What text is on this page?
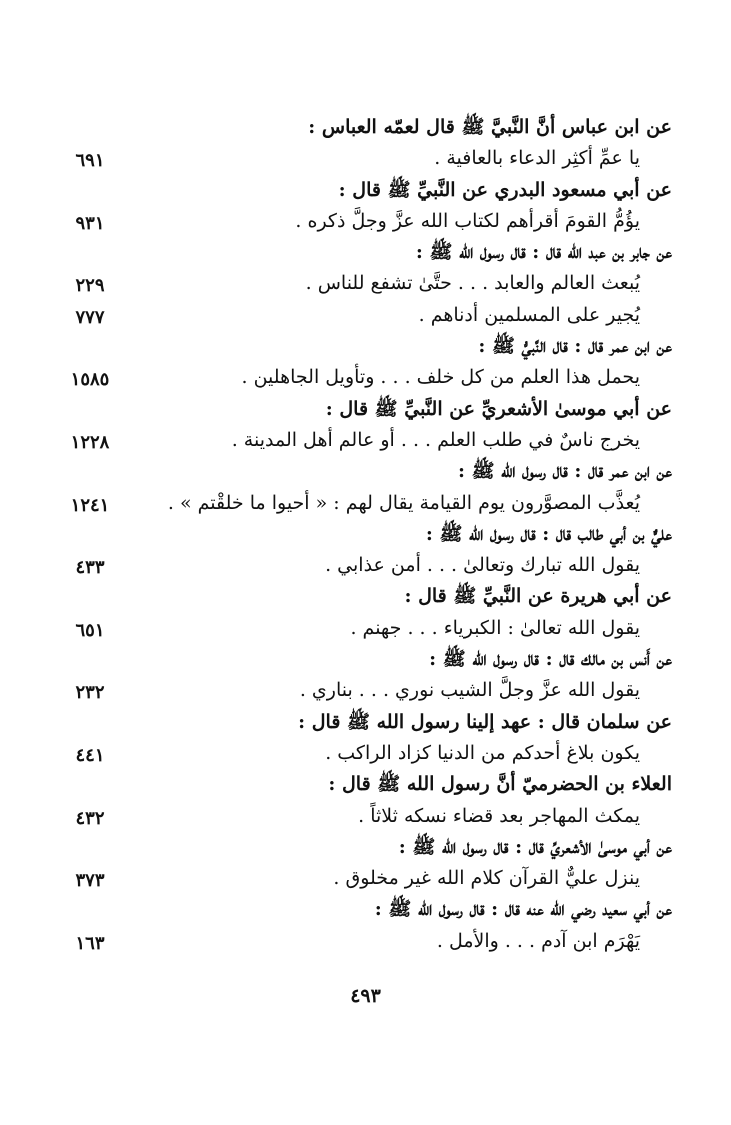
عن ابن عباس أنَّ النَّبيَّ ﷺ قال لعمّه العباس :
يا عمِّ أكثِر الدعاء بالعافية .
٦٩١
عن أبي مسعود البدري عن النَّبيِّ ﷺ قال :
يؤُمُّ القومَ أقرأهم لكتاب الله عزَّ وجلَّ ذكره .
٩٣١
عن جابر بن عبد الله قال : قال رسول الله ﷺ :
يُبعث العالم والعابد . . . حتَّىٰ تشفع للناس .
٢٢٩
يُجير على المسلمين أدناهم .
٧٧٧
عن ابن عمر قال : قال النَّبيُّ ﷺ :
يحمل هذا العلم من كل خلف . . . وتأويل الجاهلين .
١٥٨٥
عن أبي موسىٰ الأشعريِّ عن النَّبيِّ ﷺ قال :
يخرج ناسٌ في طلب العلم . . . أو عالم أهل المدينة .
١٢٢٨
عن ابن عمر قال : قال رسول الله ﷺ :
يُعذَّب المصوَّرون يوم القيامة يقال لهم : « أحيوا ما خلقْتم » .
١٢٤١
عليٌّ بن أبي طالب قال : قال رسول الله ﷺ :
يقول الله تبارك وتعالىٰ . . . أمن عذابي .
٤٣٣
عن أبي هريرة عن النَّبيِّ ﷺ قال :
يقول الله تعالىٰ : الكبرياء . . . جهنم .
٦٥١
عن أَنس بن مالك قال : قال رسول الله ﷺ :
يقول الله عزَّ وجلَّ الشيب نوري . . . بناري .
٢٣٢
عن سلمان قال : عهد إلينا رسول الله ﷺ قال :
يكون بلاغ أحدكم من الدنيا كزاد الراكب .
٤٤١
العلاء بن الحضرميّ أنَّ رسول الله ﷺ قال :
يمكث المهاجر بعد قضاء نسكه ثلاثاً .
٤٣٢
عن أبي موسىٰ الأشعريِّ قال : قال رسول الله ﷺ :
ينزل عليٌّ القرآن كلام الله غير مخلوق .
٣٧٣
عن أبي سعيد رضي الله عنه قال : قال رسول الله ﷺ :
يَهْرَم ابن آدم . . . والأمل .
١٦٣
٤٩٣
